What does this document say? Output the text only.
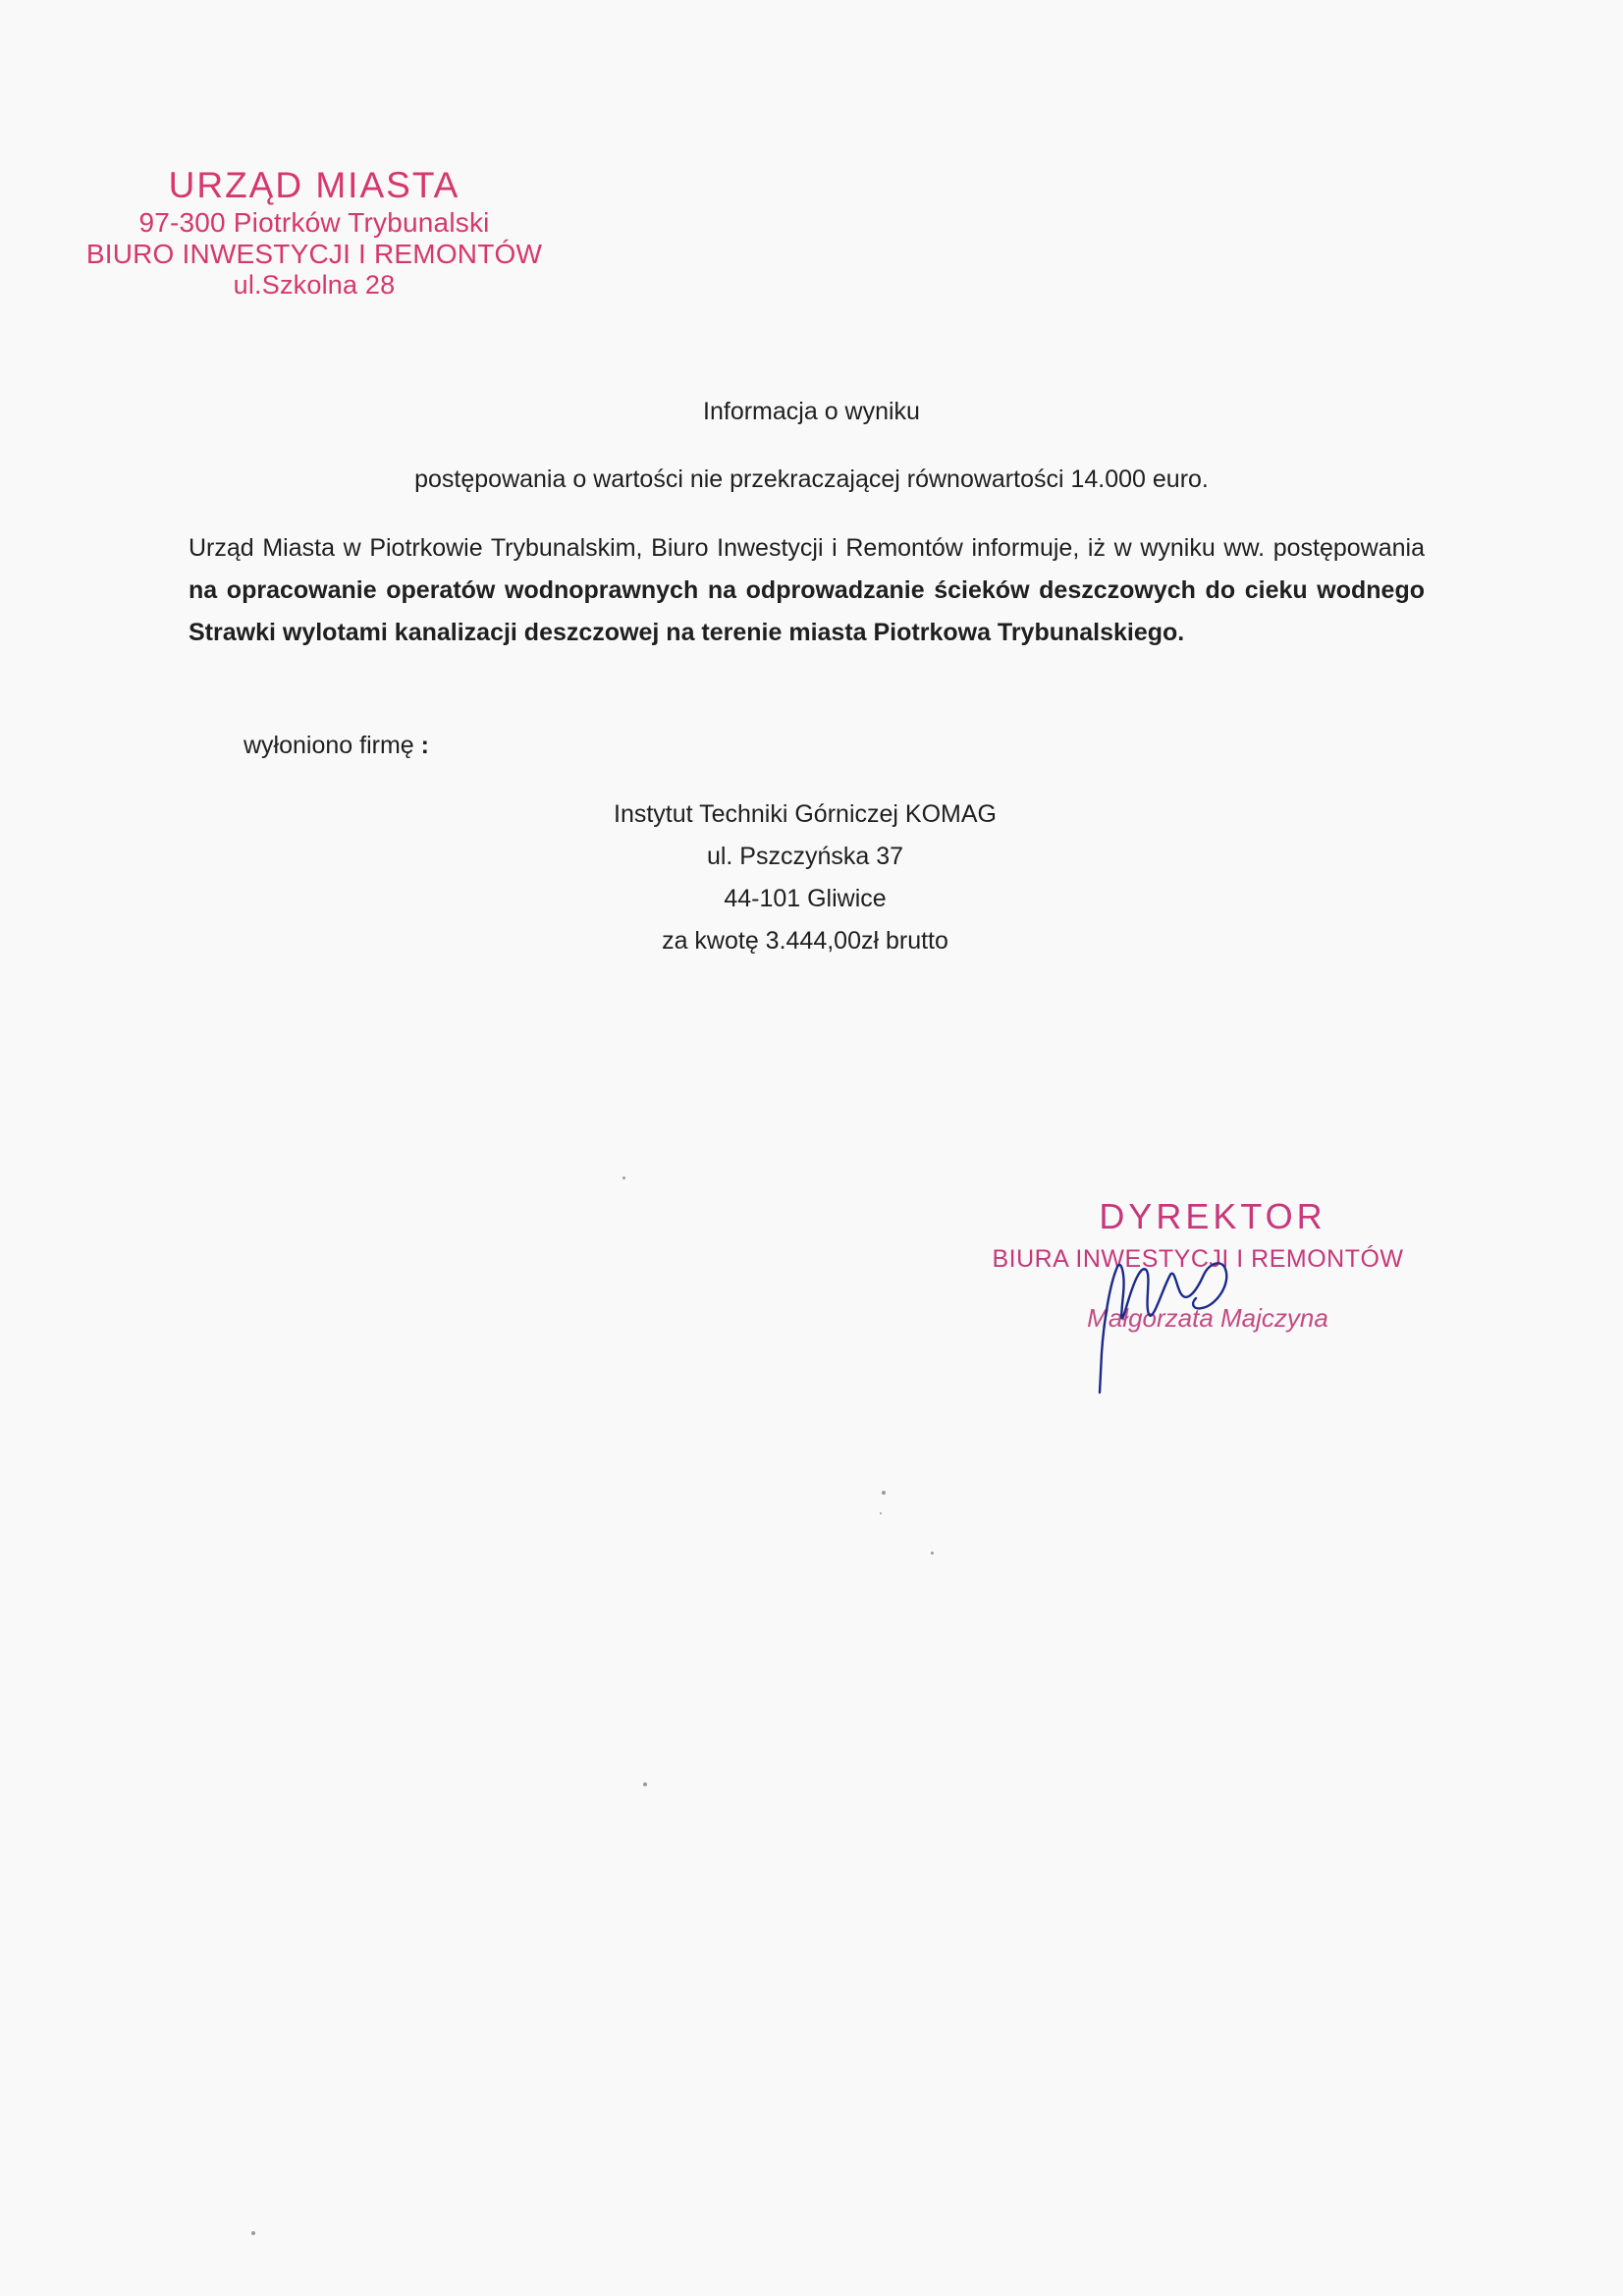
URZĄD MIASTA
97-300 Piotrków Trybunalski
BIURO INWESTYCJI I REMONTÓW
ul.Szkolna 28
Informacja o wyniku
postępowania o wartości nie przekraczającej równowartości 14.000 euro.
Urząd Miasta w Piotrkowie Trybunalskim, Biuro Inwestycji i Remontów informuje, iż w wyniku ww. postępowania na opracowanie operatów wodnoprawnych na odprowadzanie ścieków deszczowych do cieku wodnego Strawki wylotami kanalizacji deszczowej na terenie miasta Piotrkowa Trybunalskiego.
wyłoniono firmę :
Instytut Techniki Górniczej KOMAG
ul. Pszczyńska 37
44-101 Gliwice
za kwotę 3.444,00zł brutto
DYREKTOR
BIURA INWESTYCJI I REMONTÓW
Małgorzata Majczyna
